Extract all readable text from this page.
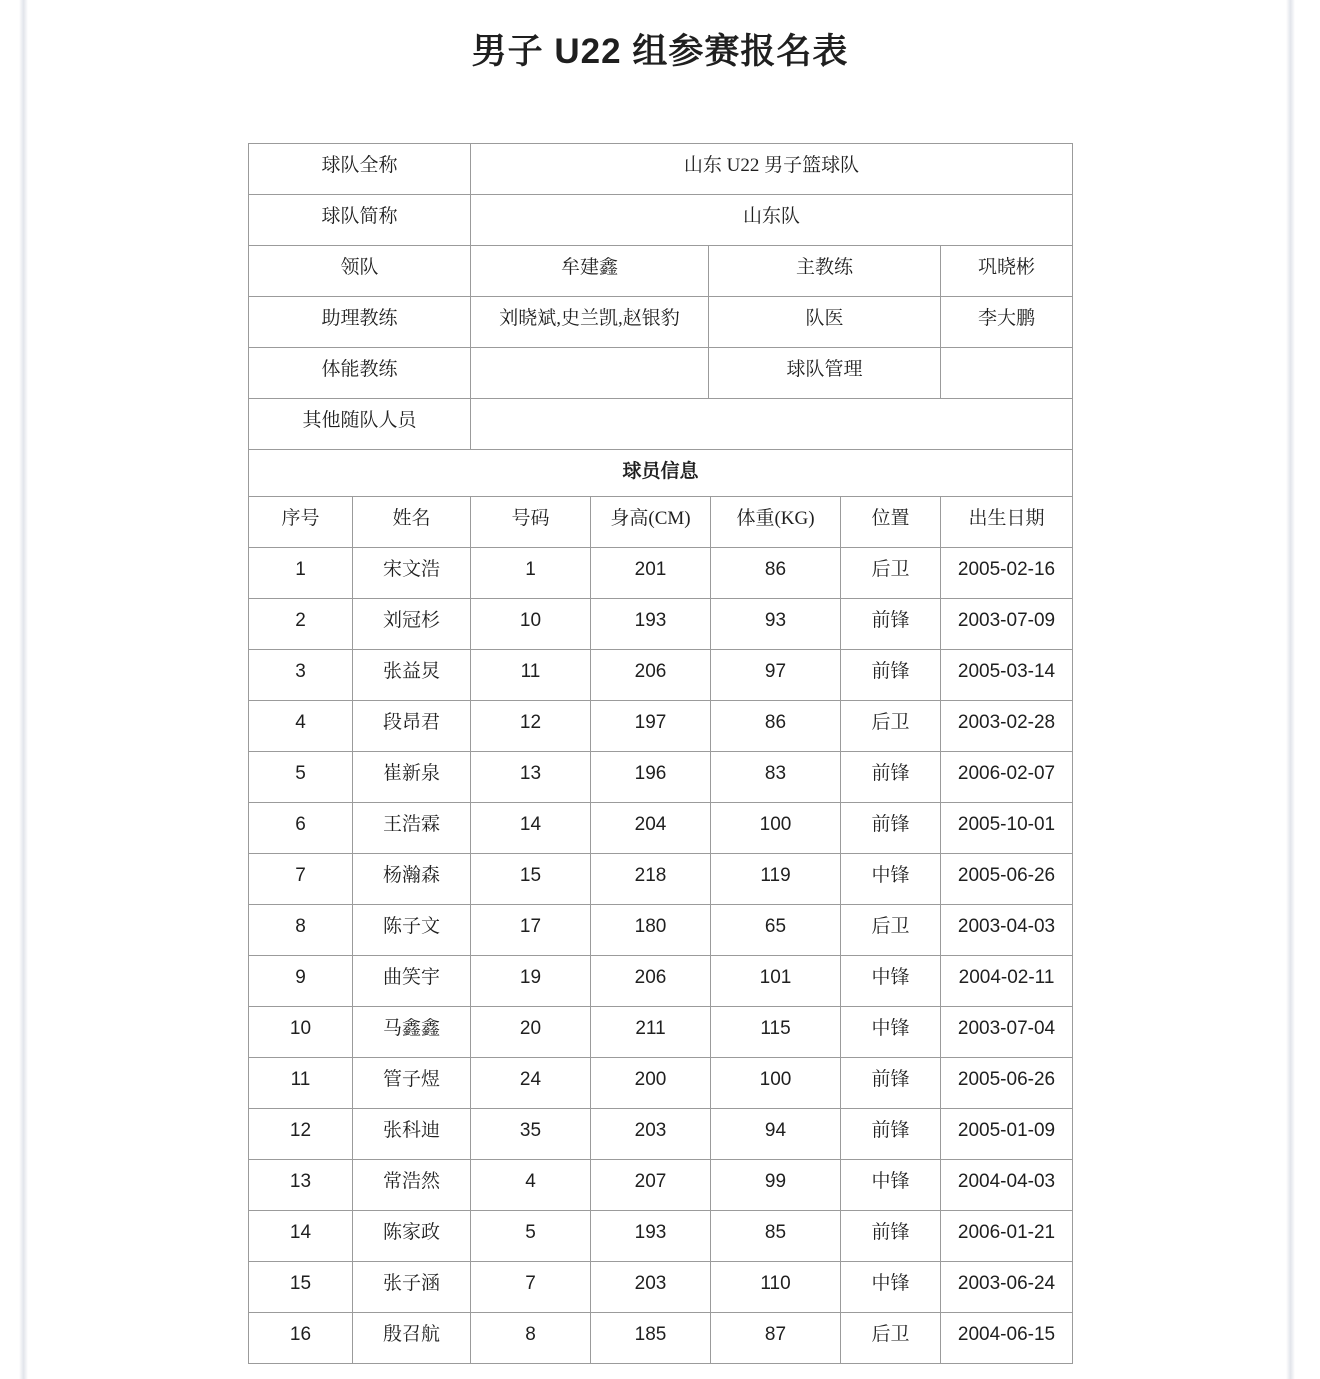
男子 U22 组参赛报名表
球队全称	山东 U22 男子篮球队		
球队简称	山东队		
领队	牟建鑫	主教练	巩晓彬
助理教练	刘晓斌,史兰凯,赵银豹	队医	李大鹏
体能教练		球队管理	
其他随队人员			
球员信息						
序号	姓名	号码	身高(CM)	体重(KG)	位置	出生日期
1	宋文浩	1	201	86	后卫	2005-02-16
2	刘冠杉	10	193	93	前锋	2003-07-09
3	张益炅	11	206	97	前锋	2005-03-14
4	段昂君	12	197	86	后卫	2003-02-28
5	崔新泉	13	196	83	前锋	2006-02-07
6	王浩霖	14	204	100	前锋	2005-10-01
7	杨瀚森	15	218	119	中锋	2005-06-26
8	陈子文	17	180	65	后卫	2003-04-03
9	曲笑宇	19	206	101	中锋	2004-02-11
10	马鑫鑫	20	211	115	中锋	2003-07-04
11	管子煜	24	200	100	前锋	2005-06-26
12	张科迪	35	203	94	前锋	2005-01-09
13	常浩然	4	207	99	中锋	2004-04-03
14	陈家政	5	193	85	前锋	2006-01-21
15	张子涵	7	203	110	中锋	2003-06-24
16	殷召航	8	185	87	后卫	2004-06-15
